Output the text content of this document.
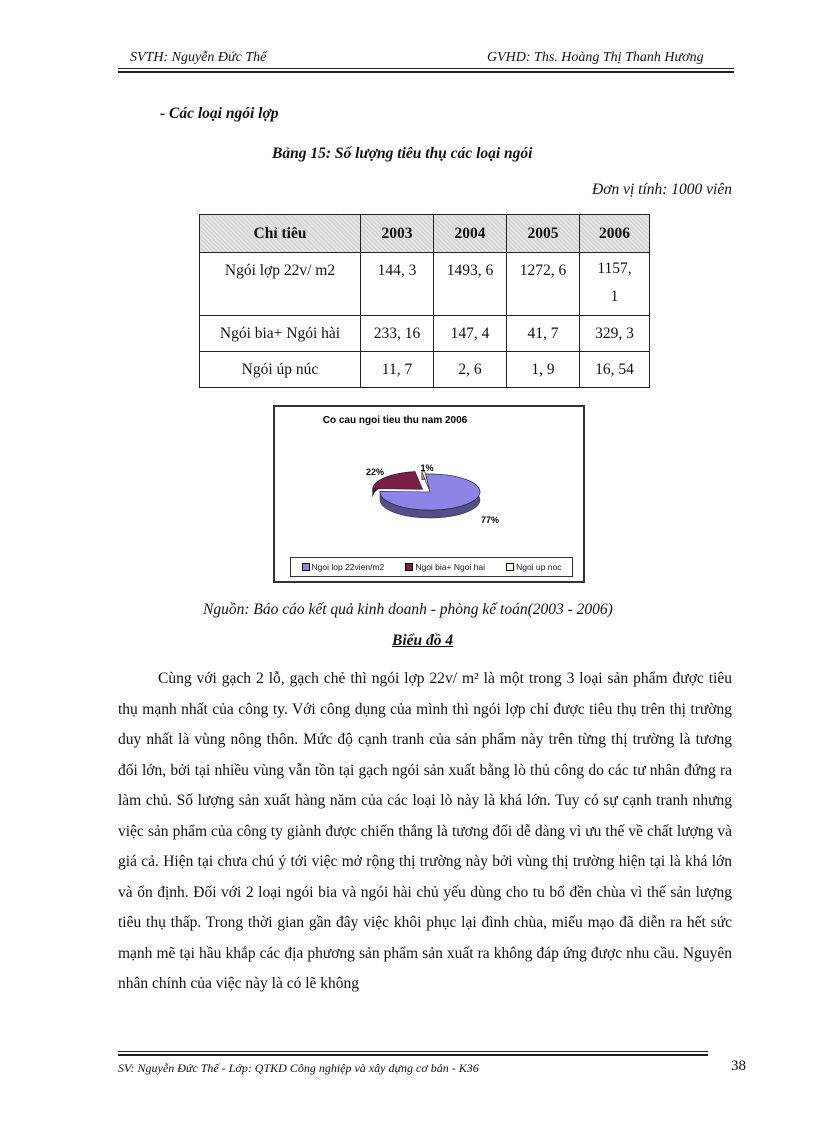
SVTH: Nguyễn Đức Thế	GVHD: Ths. Hoàng Thị Thanh Hương
- Các loại ngói lợp
Bảng 15: Số lượng tiêu thụ các loại ngói
Đơn vị tính: 1000 viên
Chỉ tiêu	2003	2004	2005	2006
Ngói lợp 22v/ m2	144, 3	1493, 6	1272, 6	1157,
1

Ngói bia+ Ngói hài	233, 16	147, 4	41, 7	329, 3
Ngói úp núc	11, 7	2, 6	1, 9	16, 54
Co cau ngoi tieu thu nam 2006
77%
22%	1%
Ngoi lop 22vien/m2	Ngoi bia+ Ngoi hai	Ngoi up noc
Nguồn: Báo cáo kết quả kinh doanh - phòng kế toán(2003 - 2006)
Biểu đồ 4

Cùng với gạch 2 lỗ, gạch chẻ thì ngói lợp 22v/ m² là một trong 3 loại sản phẩm được tiêu thụ mạnh nhất của công ty. Với công dụng của mình thì ngói lợp chỉ được tiêu thụ trên thị trường duy nhất là vùng nông thôn. Mức độ cạnh tranh của sản phẩm này trên từng thị trường là tương đối lớn, bởi tại nhiều vùng vẫn tồn tại gạch ngói sản xuất bằng lò thủ công do các tư nhân đứng ra làm chủ. Số lượng sản xuất hàng năm của các loại lò này là khá lớn. Tuy có sự cạnh tranh nhưng việc sản phẩm của công ty giành được chiến thắng là tương đối dễ dàng vì ưu thế về chất lượng và giá cả. Hiện tại chưa chú ý tới việc mở rộng thị trường này bởi vùng thị trường hiện tại là khá lớn và ổn định. Đối với 2 loại ngói bia và ngói hài chủ yếu dùng cho tu bổ đền chùa vì thế sản lượng tiêu thụ thấp. Trong thời gian gần đây việc khôi phục lại đình chùa, miếu mạo đã diễn ra hết sức mạnh mẽ tại hầu khắp các địa phương sản phẩm sản xuất ra không đáp ứng được nhu cầu. Nguyên nhân chính của việc này là có lẽ không

SV: Nguyễn Đức Thế - Lớp: QTKD Công nghiệp và xây dựng cơ bản - K36	38
